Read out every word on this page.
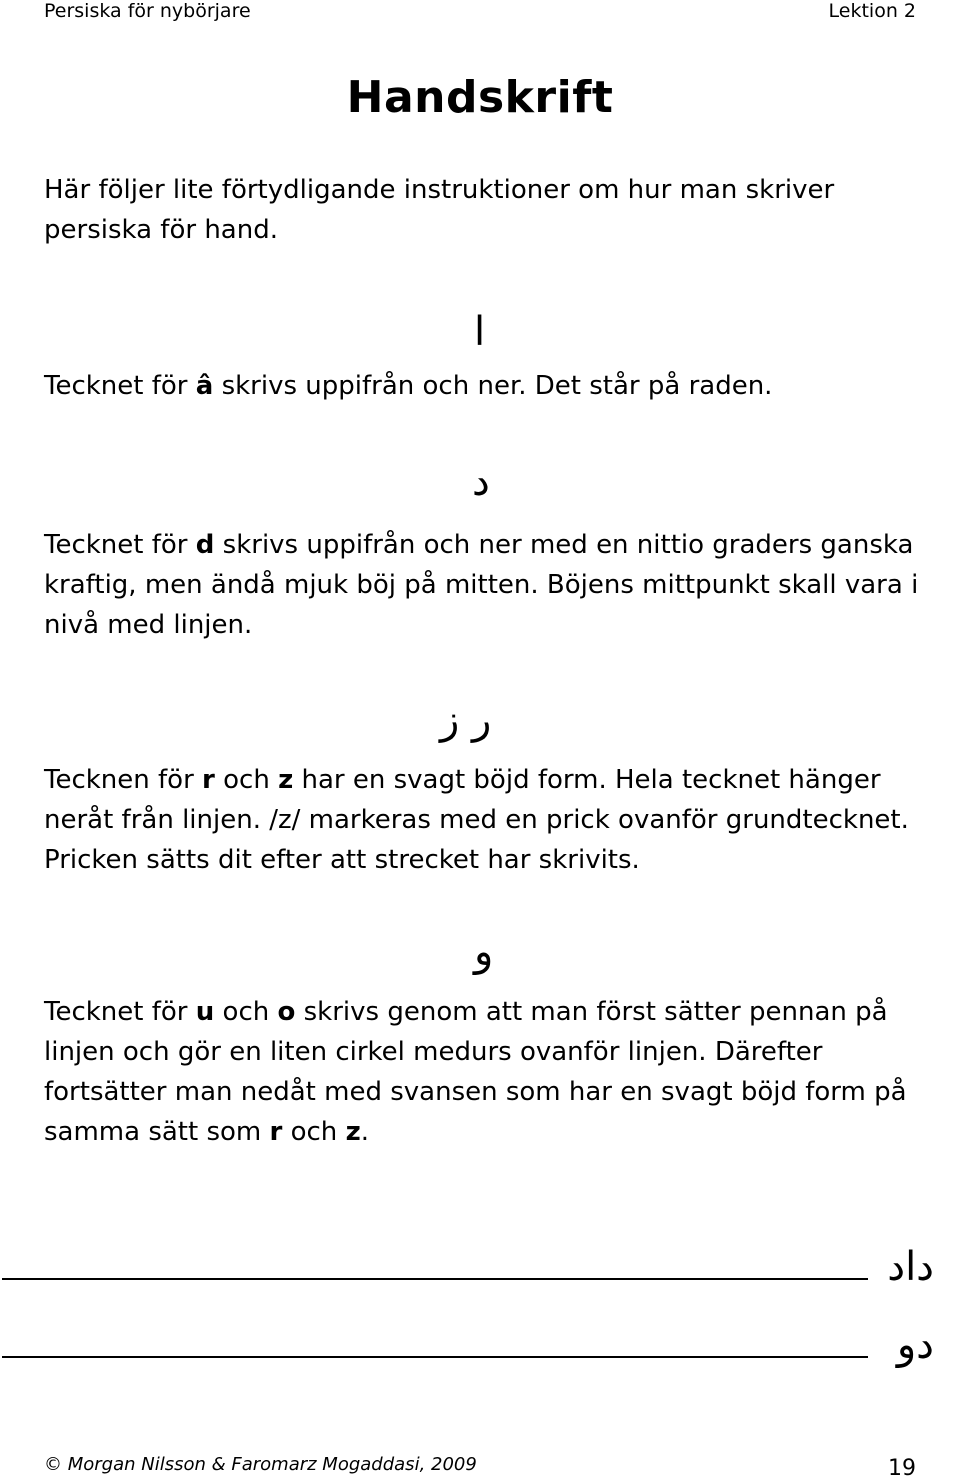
Persiska för nybörjare	Lektion 2
Handskrift
Här följer lite förtydligande instruktioner om hur man skriver persiska för hand.
ا
Tecknet för â skrivs uppifrån och ner. Det står på raden.
د
Tecknet för d skrivs uppifrån och ner med en nittio graders ganska kraftig, men ändå mjuk böj på mitten. Böjens mittpunkt skall vara i nivå med linjen.
ر ز
Tecknen för r och z har en svagt böjd form. Hela tecknet hänger neråt från linjen. /z/ markeras med en prick ovanför grundtecknet. Pricken sätts dit efter att strecket har skrivits.
و
Tecknet för u och o skrivs genom att man först sätter pennan på linjen och gör en liten cirkel medurs ovanför linjen. Därefter fortsätter man nedåt med svansen som har en svagt böjd form på samma sätt som r och z.
داد
دو
© Morgan Nilsson & Faromarz Mogaddasi, 2009	19
